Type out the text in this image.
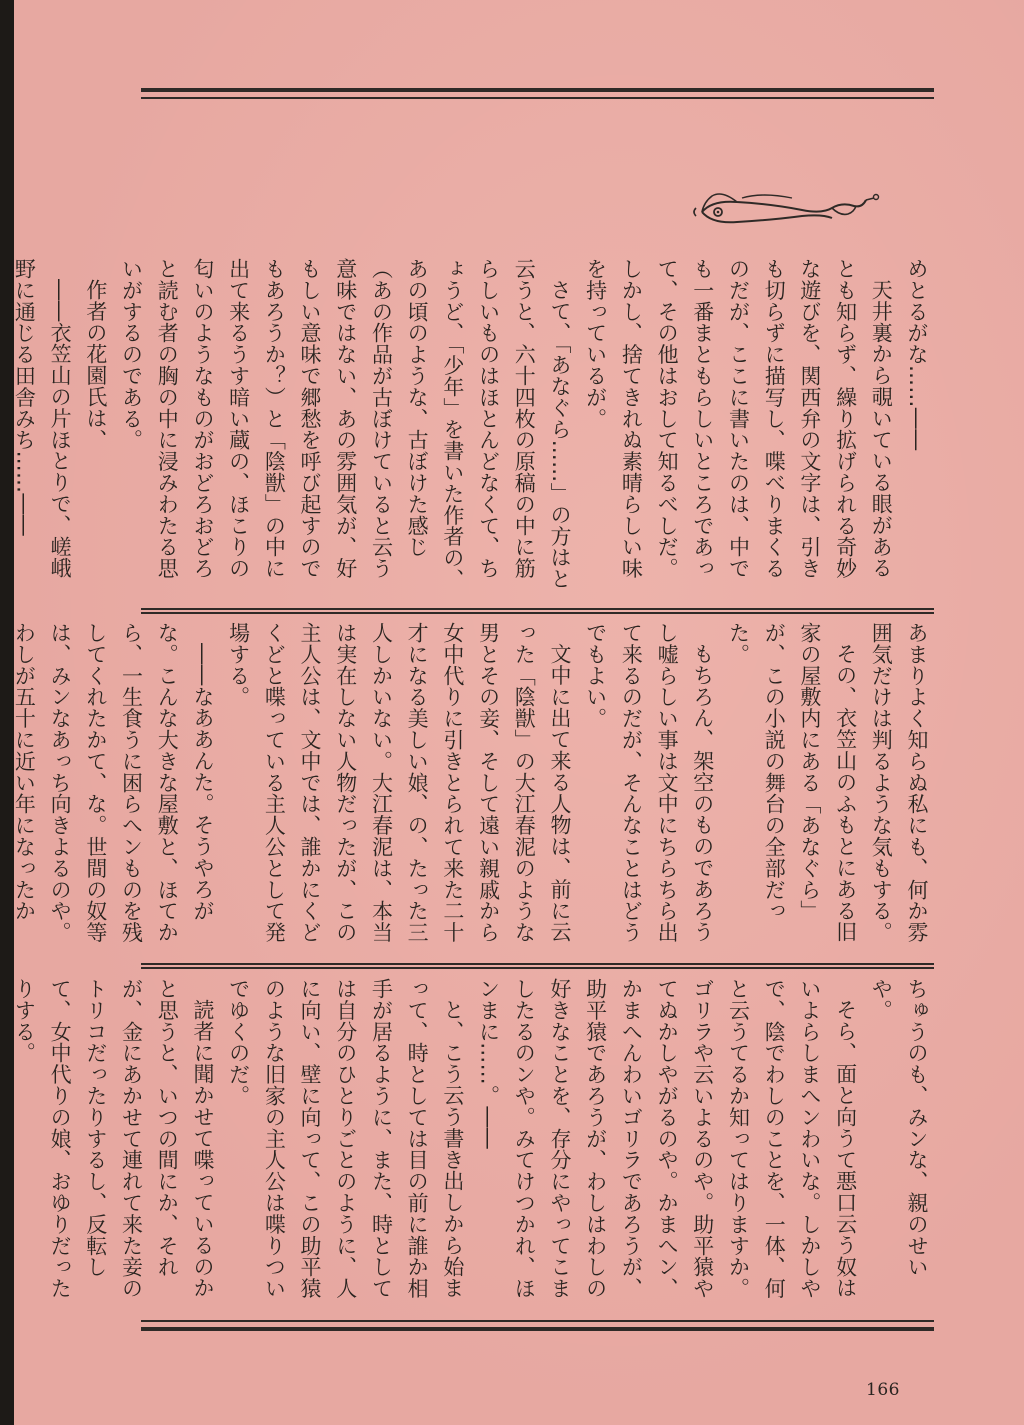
めとるがな……――

天井裏から覗いている眼があるとも知らず、繰り拡げられる奇妙な遊びを、関西弁の文字は、引きも切らずに描写し、喋べりまくるのだが、ここに書いたのは、中でも一番まともらしいところであって、その他はおして知るべしだ。しかし、捨てきれぬ素晴らしい味を持っているが。

さて、「あなぐら……」の方はと云うと、六十四枚の原稿の中に筋らしいものはほとんどなくて、ちょうど、「少年」を書いた作者の、あの頃のような、古ぼけた感じ（あの作品が古ぼけていると云う意味ではない、あの雰囲気が、好もしい意味で郷愁を呼び起すのでもあろうか？）と「陰獣」の中に出て来るうす暗い蔵の、ほこりの匂いのようなものがおどろおどろと読む者の胸の中に浸みわたる思いがするのである。

作者の花園氏は、

――衣笠山の片ほとりで、嵯峨野に通じる田舎みち……――

あまりよく知らぬ私にも、何か雰囲気だけは判るような気もする。

その、衣笠山のふもとにある旧家の屋敷内にある「あなぐら」が、この小説の舞台の全部だった。

もちろん、架空のものであろうし嘘らしい事は文中にちらちら出て来るのだが、そんなことはどうでもよい。

文中に出て来る人物は、前に云った「陰獣」の大江春泥のような男とその妾、そして遠い親戚から女中代りに引きとられて来た二十才になる美しい娘、の、たった三人しかいない。大江春泥は、本当は実在しない人物だったが、この主人公は、文中では、誰かにくどくどと喋っている主人公として発場する。

――なああんた。そうやろがな。こんな大きな屋敷と、ほてから、一生食うに困らへンものを残してくれたかて、な。世間の奴等は、みンなあっち向きよるのや。わしが五十に近い年になったか

ちゅうのも、みンな、親のせいや。

そら、面と向うて悪口云う奴はいよらしまへンわいな。しかしやで、陰でわしのことを、一体、何と云うてるか知ってはりますか。ゴリラや云いよるのや。助平猿やてぬかしやがるのや。かまへン、かまへんわいゴリラであろうが、助平猿であろうが、わしはわしの好きなことを、存分にやってこましたるのンや。みてけつかれ、ほンまに……。――

と、こう云う書き出しから始まって、時としては目の前に誰か相手が居るように、また、時としては自分のひとりごとのように、人に向い、壁に向って、この助平猿のような旧家の主人公は喋りついでゆくのだ。

読者に聞かせて喋っているのかと思うと、いつの間にか、それが、金にあかせて連れて来た妾のトリコだったりするし、反転して、女中代りの娘、おゆりだったりする。

166
